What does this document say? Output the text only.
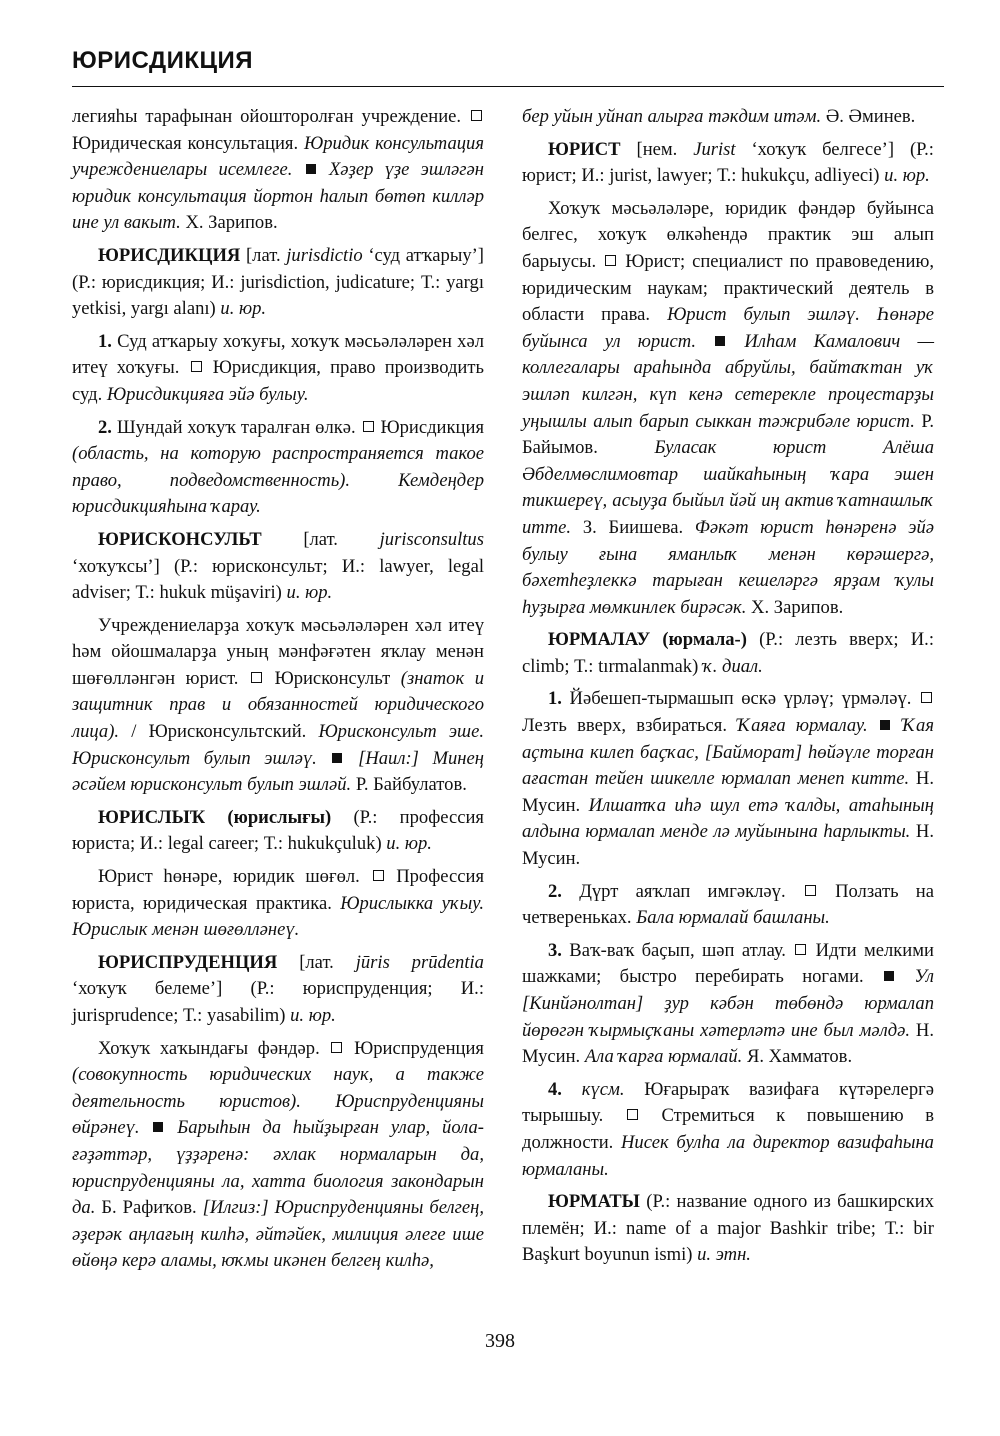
ЮРИСДИКЦИЯ

легияһы тарафынан ойошторолған учреждение.  Юридическая консультация. Юридик консультация учреждениелары исемлеге. Хәҙер үҙе эшләгән юридик консультация йортон һалып бөтөп килләр ине ул вакыт. Х. Зарипов.

ЮРИСДИКЦИЯ [лат. jurisdictio ‘суд атҡарыу’] (Р.: юрисдикция; И.: jurisdiction, judicature; Т.: yargı yetkisi, yargı alanı) и. юр.

1. Суд атҡарыу хоҡуғы, хоҡуҡ мәсьәләләрен хәл итеү хоҡуғы. Юрисдикция, право производить суд. Юрисдикцияға эйә булыу.

2. Шундай хоҡуҡ таралған өлкә. Юрисдикция (область, на которую распространяется такое право, подведомственность).	Кемдеңдер юрисдикцияһына ҡарау.

ЮРИСКОНСУЛЬТ [лат. jurisconsultus ‘хоҡуҡсы’] (Р.: юрисконсульт; И.: lawyer, legal adviser; Т.: hukuk müşaviri) и. юр.

Учреждениеларҙа хоҡуҡ мәсьәләләрен хәл итеү һәм ойошмаларҙа уның мәнфәғәтен яҡлау менән шөғөлләнгән юрист. Юрисконсульт (знаток и защитник прав и обязанностей юридического лица). / Юрисконсультский. Юрисконсульт эше. Юрисконсульт булып эшләү. [Наил:] Минең әсәйем юрисконсульт булып эшләй. Р. Байбулатов.

ЮРИСЛЫҠ (юрислығы) (Р.: профессия юриста; И.: legal career; Т.: hukukçuluk) и. юр.

Юрист һөнәре, юридик шөғөл. Профессия юриста, юридическая практика. Юрислыкка уҡыу. Юрислык менән шөғөлләнеү.

ЮРИСПРУДЕНЦИЯ [лат. jūris prūdentia ‘хоҡуҡ белеме’] (Р.: юриспруденция; И.: jurisprudence; Т.: yasabilim) и. юр.

Хоҡуҡ хаҡындағы фәндәр. Юриспруденция (совокупность юридических наук, а также деятельность юристов). Юриспруденцияны өйрәнеү. Барыһын да һыйҙырған улар, йола-ғәҙәттәр, үҙҙәренә: әхлак нормаларын да, юриспруденцияны ла, хатта биология закондарын да. Б. Рафиҡов. [Илгиз:] Юриспруденцияны белгең, әҙерәк аңлағың килһә, әйтәйек, милиция әлеге ише өйөңә керә аламы, юҡмы икәнен белгең килһә,

бер уйын уйнап алырға тәкдим итәм. Ә. Әминев.

ЮРИСТ [нем. Jurist ‘хоҡуҡ белгесе’] (Р.: юрист; И.: jurist, lawyer; Т.: hukukçu, adliyeci) и. юр.

Хоҡуҡ мәсьәләләре, юридик фәндәр буйынса белгес, хоҡуҡ өлкәһендә практик эш алып барыусы. Юрист; специалист по правоведению, юридическим наукам; практический деятель в области права. Юрист булып эшләү. Һөнәре буйынса ул юрист.	Илһам Камалович — коллегалары араһында абруйлы, байтаҡтан уҡ эшләп килгән, күп кенә сетерекле процестарҙы уңышлы алып барып сыккан тәжрибәле юрист. Р. Байымов.	Буласак юрист Алёша Әбделмөслимовтар шайкаһының ҡара эшен тикшереү, асыуҙа быйыл йәй иң актив ҡатнашлыҡ итте. З. Биишева. Фәкәт юрист һөнәренә эйә булыу ғына яманлыҡ менән көрәшергә, бәхетһеҙлеккә тарыған кешеләргә ярҙам ҡулы һуҙырға мөмкинлек бирәсәк. Х. Зарипов.

ЮРМАЛАУ (юрмала-) (Р.: лезть вверх; И.: climb; Т.: tırmalanmak) ҡ. диал.

1. Йәбешеп-тырмашып өскә үрләү; үрмәләү.  Лезть вверх, взбираться. Ҡаяға юрмалау. Ҡая аҫтына килеп баҫҡас, [Байморат] һөйәүле торған ағастан тейен шикелле юрмалап менеп китте. Н. Мусин. Илшатҡа иһә шул етә ҡалды, атаһының алдына юрмалап менде лә муйынына һарлыкты. Н. Мусин.

2. Дүрт аяҡлап имгәкләү.	Ползать на четвереньках. Бала юрмалай башланы.

3. Ваҡ-ваҡ баҫып, шәп атлау. Идти мелкими шажками; быстро перебирать ногами.	Ул [Кинйәнолтан] ҙур кәбән төбөндә юрмалап йөрөгән ҡырмыҫҡаны хәтерләтә ине был мәлдә. Н. Мусин. Ала ҡарға юрмалай. Я. Хамматов.

4. күсм. Юғарыраҡ вазифаға күтәрелергә тырышыу.	Стремиться к повышению в должности. Нисек булһа ла директор вазифаһына юрмаланы.

ЮРМАТЫ (Р.: название одного из башкирских племён; И.: name of a major Bashkir tribe; Т.: bir Başkurt boyunun ismi) и. этн.

398
